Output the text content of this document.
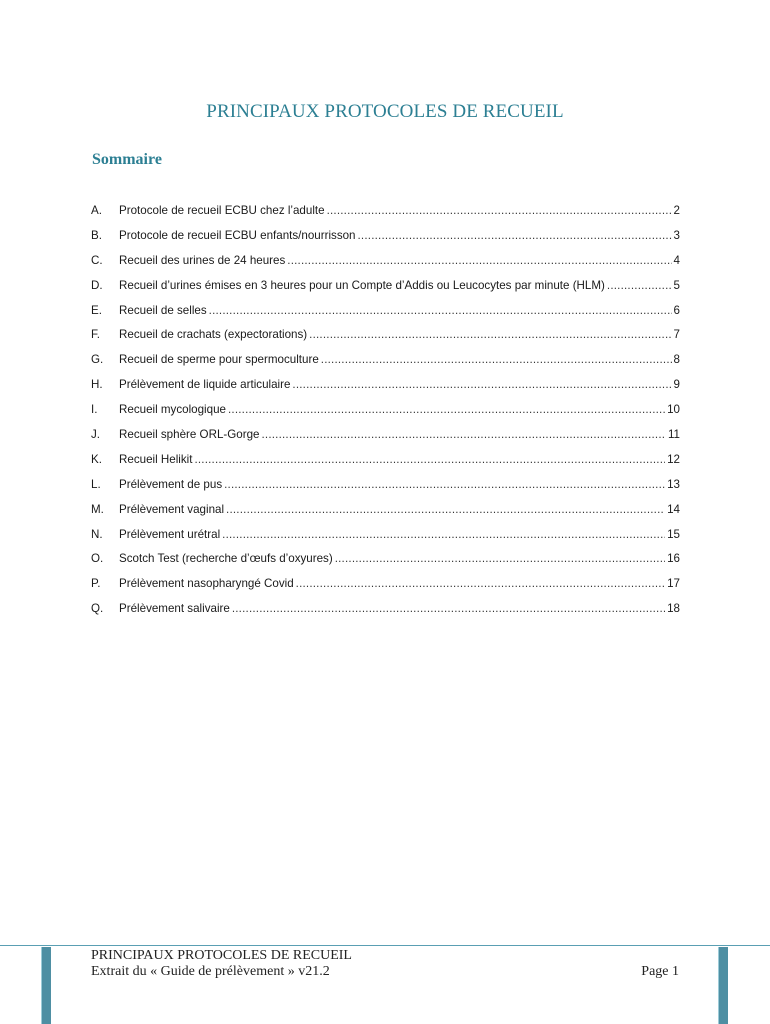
PRINCIPAUX PROTOCOLES DE RECUEIL
Sommaire
A.	Protocole de recueil ECBU chez l’adulte .....	2
B.	Protocole de recueil ECBU enfants/nourrisson .....	3
C.	Recueil des urines de 24 heures .....	4
D.	Recueil d’urines émises en 3 heures pour un Compte d’Addis ou Leucocytes par minute (HLM) .....	5
E.	Recueil de selles .....	6
F.	Recueil de crachats (expectorations) .....	7
G.	Recueil de sperme pour spermoculture .....	8
H.	Prélèvement de liquide articulaire .....	9
I.	Recueil mycologique .....	10
J.	Recueil sphère ORL-Gorge .....	11
K.	Recueil Helikit .....	12
L.	Prélèvement de pus .....	13
M.	Prélèvement vaginal .....	14
N.	Prélèvement urétral .....	15
O.	Scotch Test (recherche d’œufs d’oxyures) .....	16
P.	Prélèvement nasopharyngé Covid .....	17
Q.	Prélèvement salivaire .....	18
PRINCIPAUX PROTOCOLES DE RECUEIL
Extrait du « Guide de prélèvement » v21.2	Page 1
